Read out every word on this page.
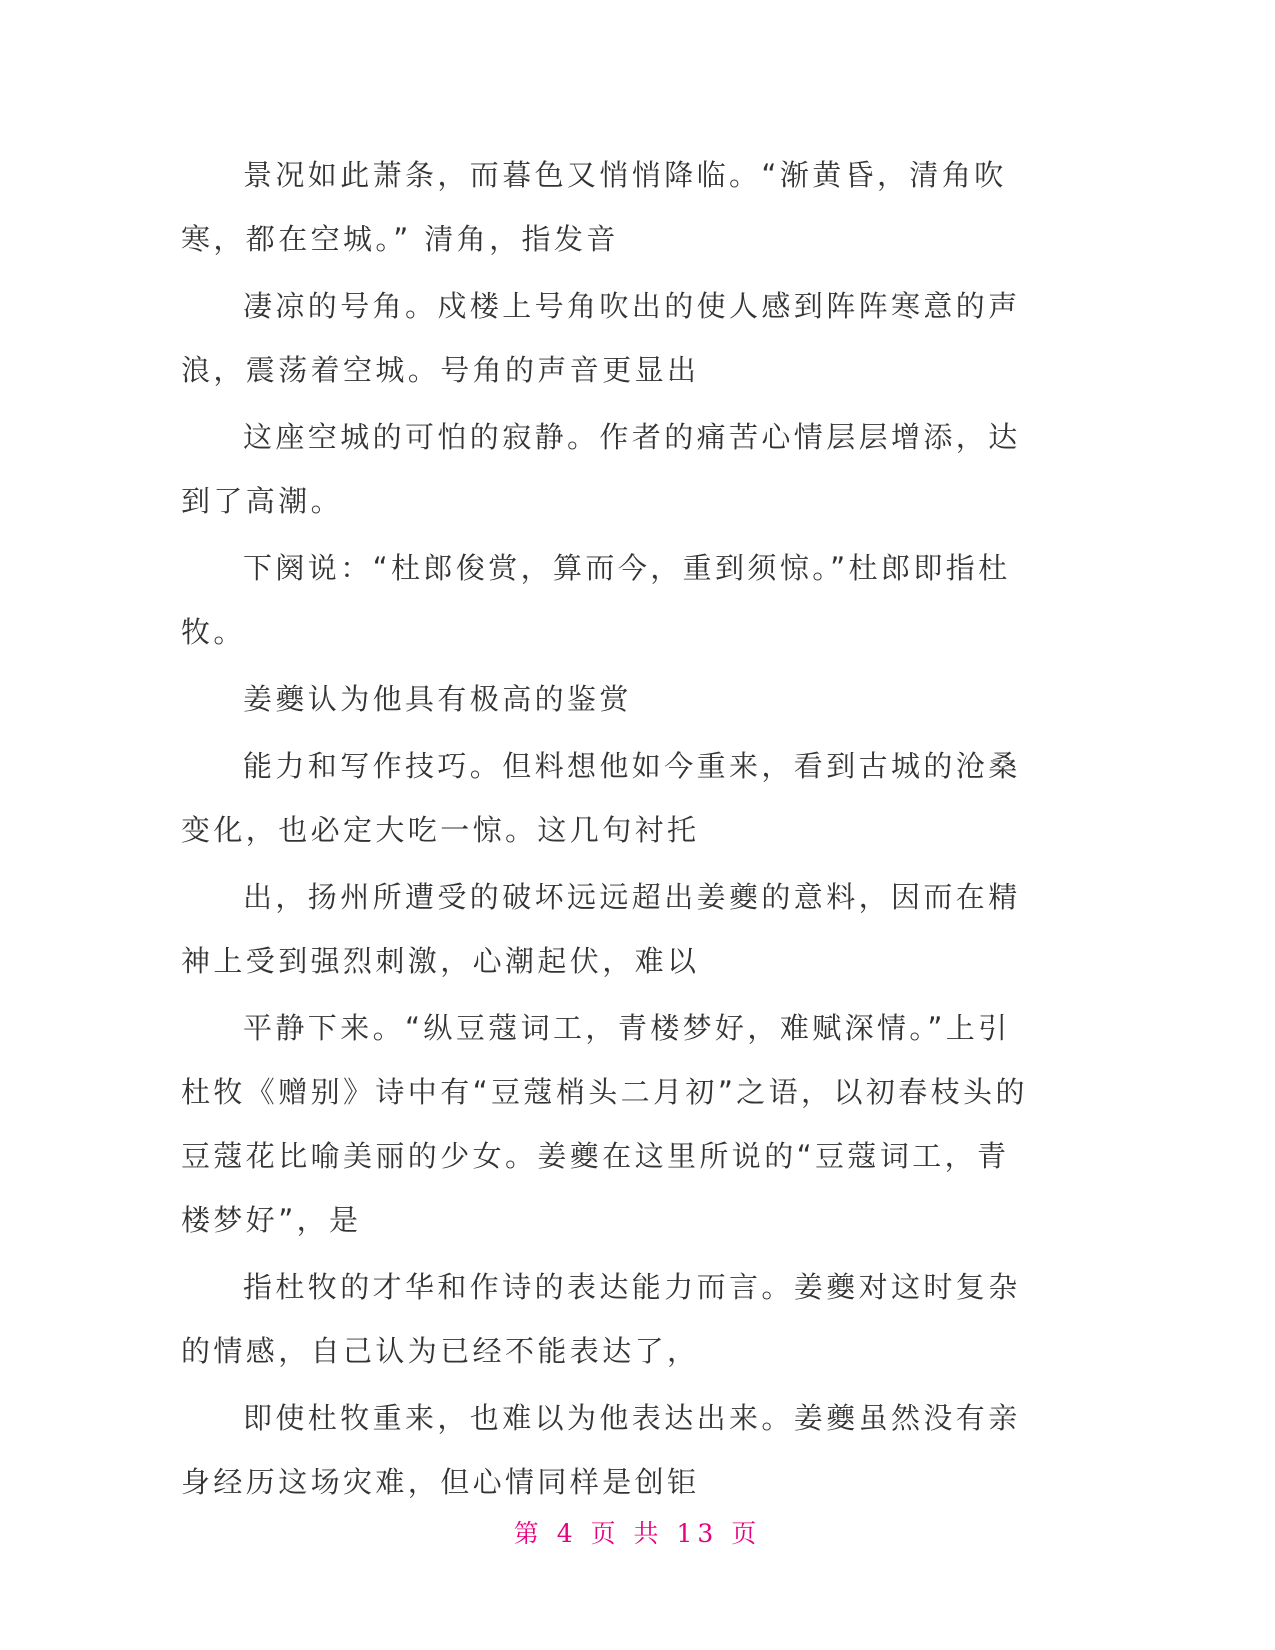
景况如此萧条，而暮色又悄悄降临。“渐黄昏，清角吹寒，都在空城。” 清角，指发音

凄凉的号角。戍楼上号角吹出的使人感到阵阵寒意的声浪，震荡着空城。号角的声音更显出

这座空城的可怕的寂静。作者的痛苦心情层层增添，达到了高潮。

下阕说：“杜郎俊赏，算而今，重到须惊。”杜郎即指杜牧。

姜夔认为他具有极高的鉴赏

能力和写作技巧。但料想他如今重来，看到古城的沧桑变化，也必定大吃一惊。这几句衬托

出，扬州所遭受的破坏远远超出姜夔的意料，因而在精神上受到强烈刺激，心潮起伏，难以

平静下来。“纵豆蔻词工，青楼梦好，难赋深情。”上引杜牧《赠别》诗中有“豆蔻梢头二月初”之语，以初春枝头的豆蔻花比喻美丽的少女。姜夔在这里所说的“豆蔻词工，青楼梦好”，是

指杜牧的才华和作诗的表达能力而言。姜夔对这时复杂的情感，自己认为已经不能表达了，

即使杜牧重来，也难以为他表达出来。姜夔虽然没有亲身经历这场灾难，但心情同样是创钜

第 4 页 共 13 页
